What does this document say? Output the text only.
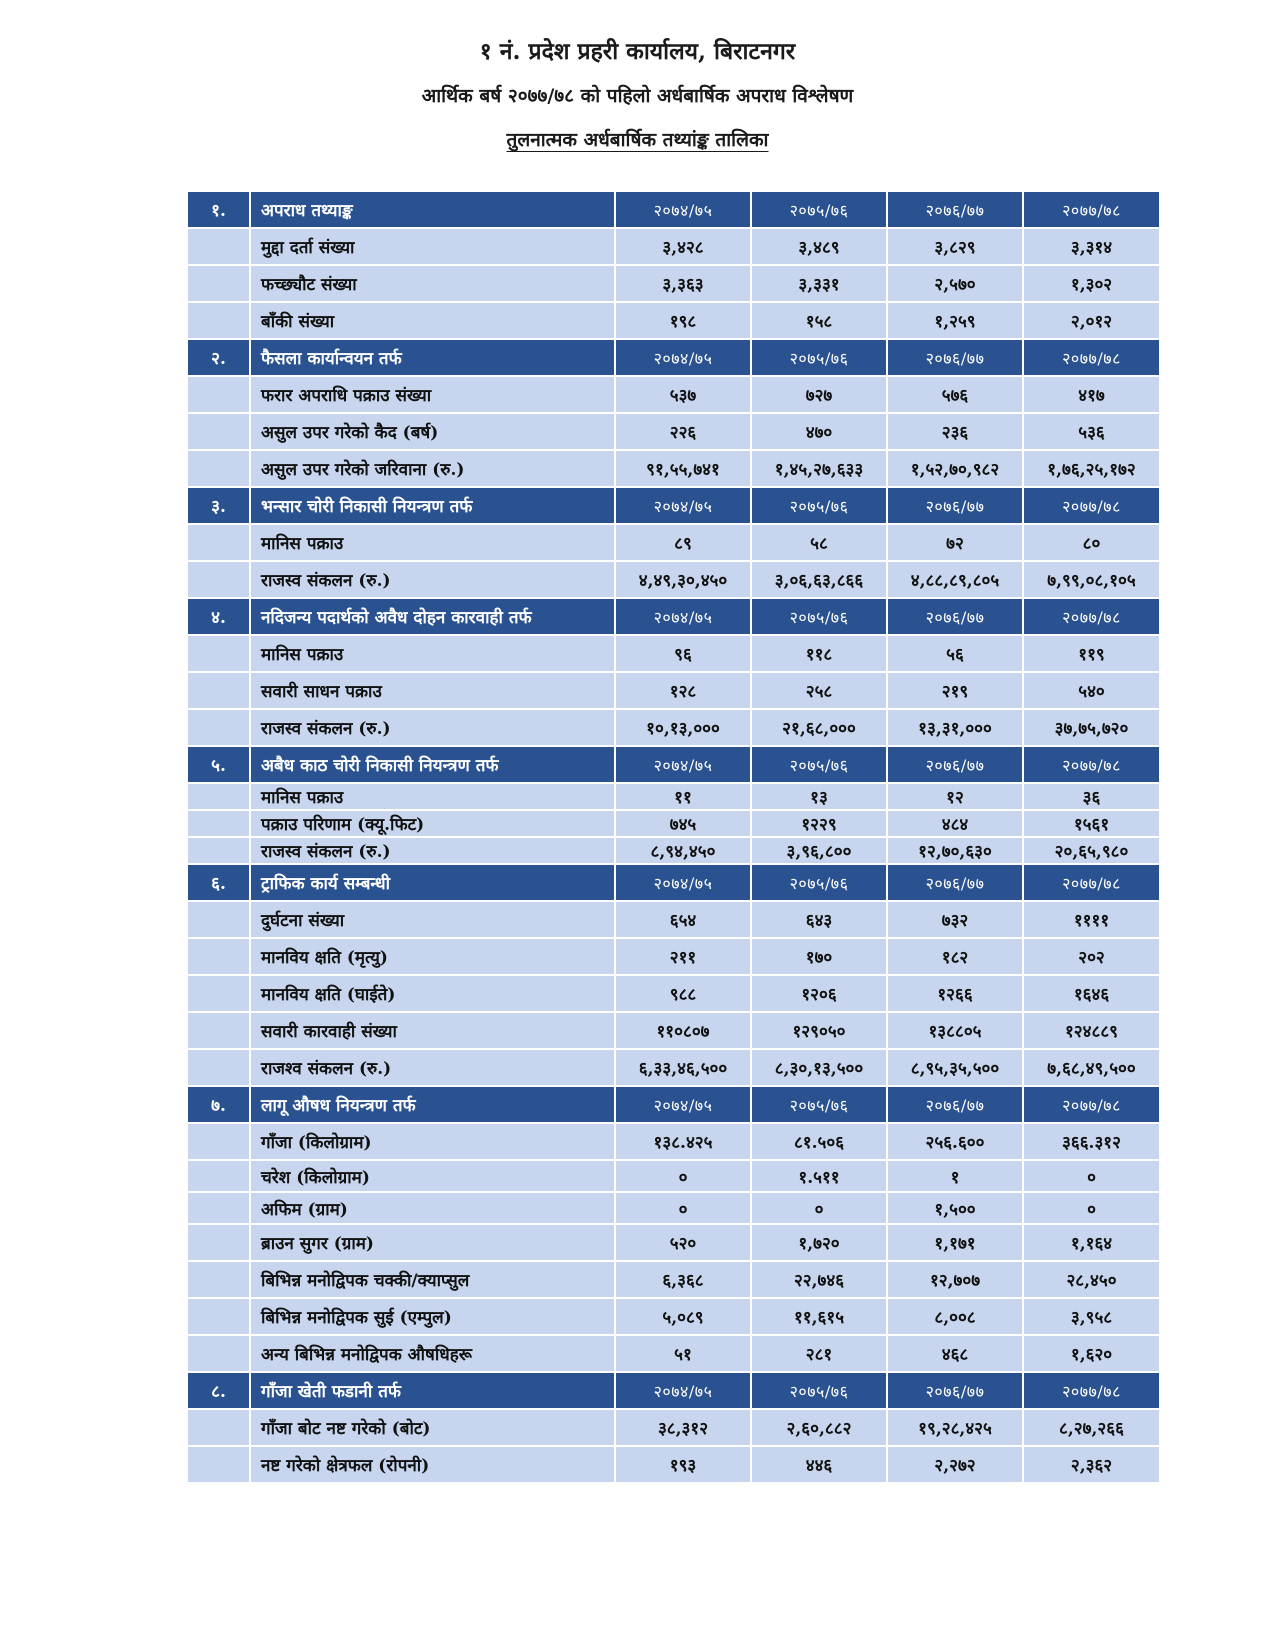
१ नं. प्रदेश प्रहरी कार्यालय, बिराटनगर
आर्थिक बर्ष २०७७/७८ को पहिलो अर्धबार्षिक अपराध विश्लेषण
तुलनात्मक अर्धबार्षिक तथ्यांङ्क तालिका
१.	अपराध तथ्याङ्क	२०७४/७५	२०७५/७६	२०७६/७७	२०७७/७८
	मुद्दा दर्ता संख्या	३,४२८	३,४८९	३,८२९	३,३१४
	फच्छ्यौट संख्या	३,३६३	३,३३१	२,५७०	१,३०२
	बाँकी संख्या	१९८	१५८	१,२५९	२,०१२
२.	फैसला कार्यान्वयन तर्फ	२०७४/७५	२०७५/७६	२०७६/७७	२०७७/७८
	फरार अपराधि पक्राउ संख्या	५३७	७२७	५७६	४१७
	असुल उपर गरेको कैद (बर्ष)	२२६	४७०	२३६	५३६
	असुल उपर गरेको जरिवाना (रु.)	९१,५५,७४१	१,४५,२७,६३३	१,५२,७०,९८२	१,७६,२५,१७२
३.	भन्सार चोरी निकासी नियन्त्रण तर्फ	२०७४/७५	२०७५/७६	२०७६/७७	२०७७/७८
	मानिस पक्राउ	८९	५८	७२	८०
	राजस्व संकलन (रु.)	४,४९,३०,४५०	३,०६,६३,८६६	४,८८,८९,८०५	७,९९,०८,१०५
४.	नदिजन्य पदार्थको अवैध दोहन कारवाही तर्फ	२०७४/७५	२०७५/७६	२०७६/७७	२०७७/७८
	मानिस पक्राउ	९६	११८	५६	११९
	सवारी साधन पक्राउ	१२८	२५८	२१९	५४०
	राजस्व संकलन (रु.)	१०,१३,०००	२१,६८,०००	१३,३१,०००	३७,७५,७२०
५.	अबैध काठ चोरी निकासी नियन्त्रण तर्फ	२०७४/७५	२०७५/७६	२०७६/७७	२०७७/७८
	मानिस पक्राउ	११	१३	१२	३६
	पक्राउ परिणाम (क्यू.फिट)	७४५	१२२९	४८४	१५६१
	राजस्व संकलन (रु.)	८,९४,४५०	३,९६,८००	१२,७०,६३०	२०,६५,९८०
६.	ट्राफिक कार्य सम्बन्धी	२०७४/७५	२०७५/७६	२०७६/७७	२०७७/७८
	दुर्घटना संख्या	६५४	६४३	७३२	११११
	मानविय क्षति (मृत्यु)	२११	१७०	१८२	२०२
	मानविय क्षति (घाईते)	९८८	१२०६	१२६६	१६४६
	सवारी कारवाही संख्या	११०८०७	१२९०५०	१३८८०५	१२४८८९
	राजश्व संकलन (रु.)	६,३३,४६,५००	८,३०,१३,५००	८,९५,३५,५००	७,६८,४९,५००
७.	लागू औषध नियन्त्रण तर्फ	२०७४/७५	२०७५/७६	२०७६/७७	२०७७/७८
	गाँजा (किलोग्राम)	१३८.४२५	८१.५०६	२५६.६००	३६६.३१२
	चरेश (किलोग्राम)	०	१.५११	१	०
	अफिम (ग्राम)	०	०	१,५००	०
	ब्राउन सुगर (ग्राम)	५२०	१,७२०	१,१७१	१,१६४
	बिभिन्न मनोद्विपक चक्की/क्याप्सुल	६,३६८	२२,७४६	१२,७०७	२८,४५०
	बिभिन्न मनोद्विपक सुई (एम्पुल)	५,०८९	११,६१५	८,००८	३,९५८
	अन्य बिभिन्न मनोद्विपक औषधिहरू	५१	२८१	४६८	१,६२०
८.	गाँजा खेती फडानी तर्फ	२०७४/७५	२०७५/७६	२०७६/७७	२०७७/७८
	गाँजा बोट नष्ट गरेको (बोट)	३८,३१२	२,६०,८८२	१९,२८,४२५	८,२७,२६६
	नष्ट गरेको क्षेत्रफल (रोपनी)	१९३	४४६	२,२७२	२,३६२
